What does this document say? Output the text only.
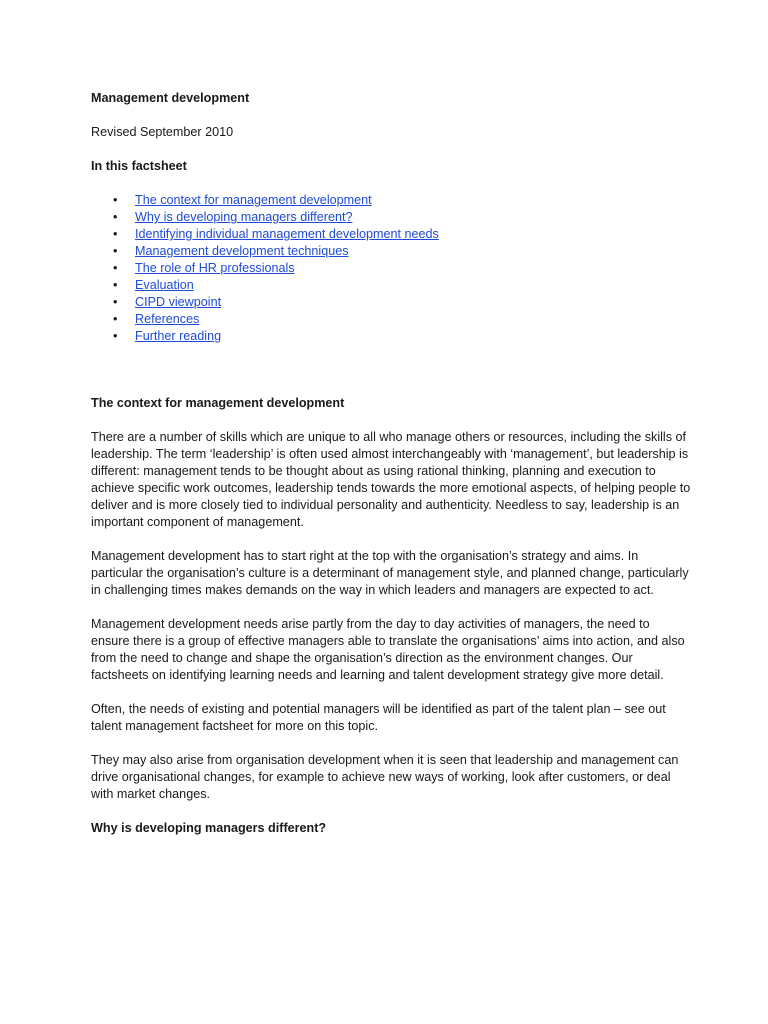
Management development

Revised September 2010

In this factsheet

• The context for management development
• Why is developing managers different?
• Identifying individual management development needs
• Management development techniques
• The role of HR professionals
• Evaluation
• CIPD viewpoint
• References
• Further reading

The context for management development

There are a number of skills which are unique to all who manage others or resources, including the skills of leadership. The term ‘leadership’ is often used almost interchangeably with ‘management’, but leadership is different: management tends to be thought about as using rational thinking, planning and execution to achieve specific work outcomes, leadership tends towards the more emotional aspects, of helping people to deliver and is more closely tied to individual personality and authenticity. Needless to say, leadership is an important component of management.

Management development has to start right at the top with the organisation’s strategy and aims. In particular the organisation’s culture is a determinant of management style, and planned change, particularly in challenging times makes demands on the way in which leaders and managers are expected to act.

Management development needs arise partly from the day to day activities of managers, the need to ensure there is a group of effective managers able to translate the organisations’ aims into action, and also from the need to change and shape the organisation’s direction as the environment changes. Our factsheets on identifying learning needs and learning and talent development strategy give more detail.

Often, the needs of existing and potential managers will be identified as part of the talent plan – see out talent management factsheet for more on this topic.

They may also arise from organisation development when it is seen that leadership and management can drive organisational changes, for example to achieve new ways of working, look after customers, or deal with market changes.

Why is developing managers different?
